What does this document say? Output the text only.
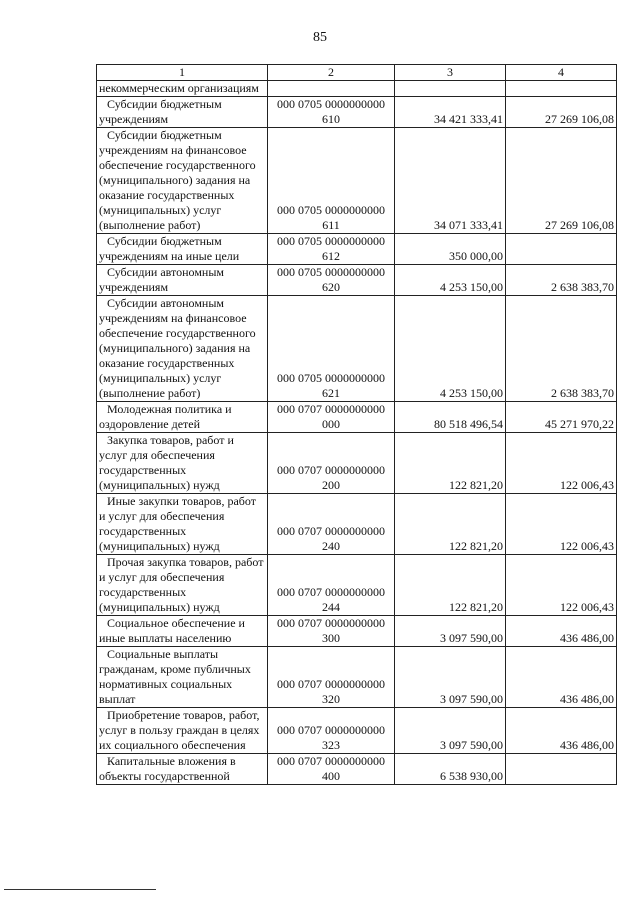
85
1	2	3	4

некоммерческим организациям			

Субсидии бюджетным учреждениям	000 0705 0000000000 610	34 421 333,41	27 269 106,08

Субсидии бюджетным учреждениям на финансовое обеспечение государственного (муниципального) задания на оказание государственных (муниципальных) услуг (выполнение работ)	000 0705 0000000000 611	34 071 333,41	27 269 106,08

Субсидии бюджетным учреждениям на иные цели	000 0705 0000000000 612	350 000,00	

Субсидии автономным учреждениям	000 0705 0000000000 620	4 253 150,00	2 638 383,70

Субсидии автономным учреждениям на финансовое обеспечение государственного (муниципального) задания на оказание государственных (муниципальных) услуг (выполнение работ)	000 0705 0000000000 621	4 253 150,00	2 638 383,70

Молодежная политика и оздоровление детей	000 0707 0000000000 000	80 518 496,54	45 271 970,22

Закупка товаров, работ и услуг для обеспечения государственных (муниципальных) нужд	000 0707 0000000000 200	122 821,20	122 006,43

Иные закупки товаров, работ и услуг для обеспечения государственных (муниципальных) нужд	000 0707 0000000000 240	122 821,20	122 006,43

Прочая закупка товаров, работ и услуг для обеспечения государственных (муниципальных) нужд	000 0707 0000000000 244	122 821,20	122 006,43

Социальное обеспечение и иные выплаты населению	000 0707 0000000000 300	3 097 590,00	436 486,00

Социальные выплаты гражданам, кроме публичных нормативных социальных выплат	000 0707 0000000000 320	3 097 590,00	436 486,00

Приобретение товаров, работ, услуг в пользу граждан в целях их социального обеспечения	000 0707 0000000000 323	3 097 590,00	436 486,00

Капитальные вложения в объекты государственной	000 0707 0000000000 400	6 538 930,00	
